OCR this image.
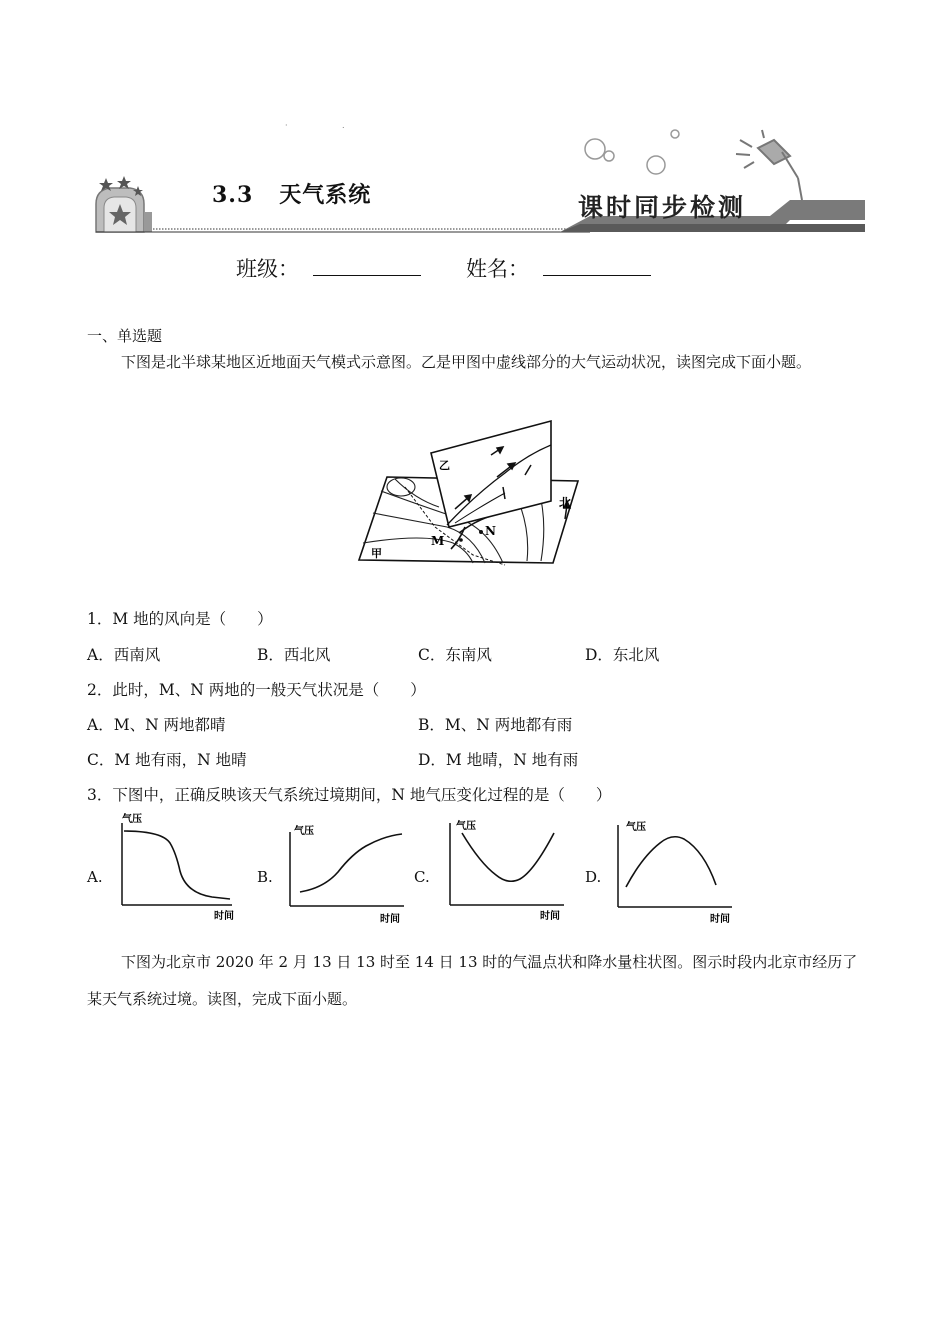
·	.
3.3 天气系统	课时同步检测
班级：	姓名：
一、单选题
下图是北半球某地区近地面天气模式示意图。乙是甲图中虚线部分的大气运动状况，读图完成下面小题。
乙
甲
北
M
N
1．M 地的风向是（　　）
A．西南风	B．西北风	C．东南风	D．东北风
2．此时，M、N 两地的一般天气状况是（　　）
A．M、N 两地都晴	B．M、N 两地都有雨
C．M 地有雨，N 地晴	D．M 地晴，N 地有雨
3．下图中，正确反映该天气系统过境期间，N 地气压变化过程的是（　　）
A.	B.	C.	D.
气压
时间
气压
时间
气压
时间
气压
时间
下图为北京市 2020 年 2 月 13 日 13 时至 14 日 13 时的气温点状和降水量柱状图。图示时段内北京市经历了某天气系统过境。读图，完成下面小题。
